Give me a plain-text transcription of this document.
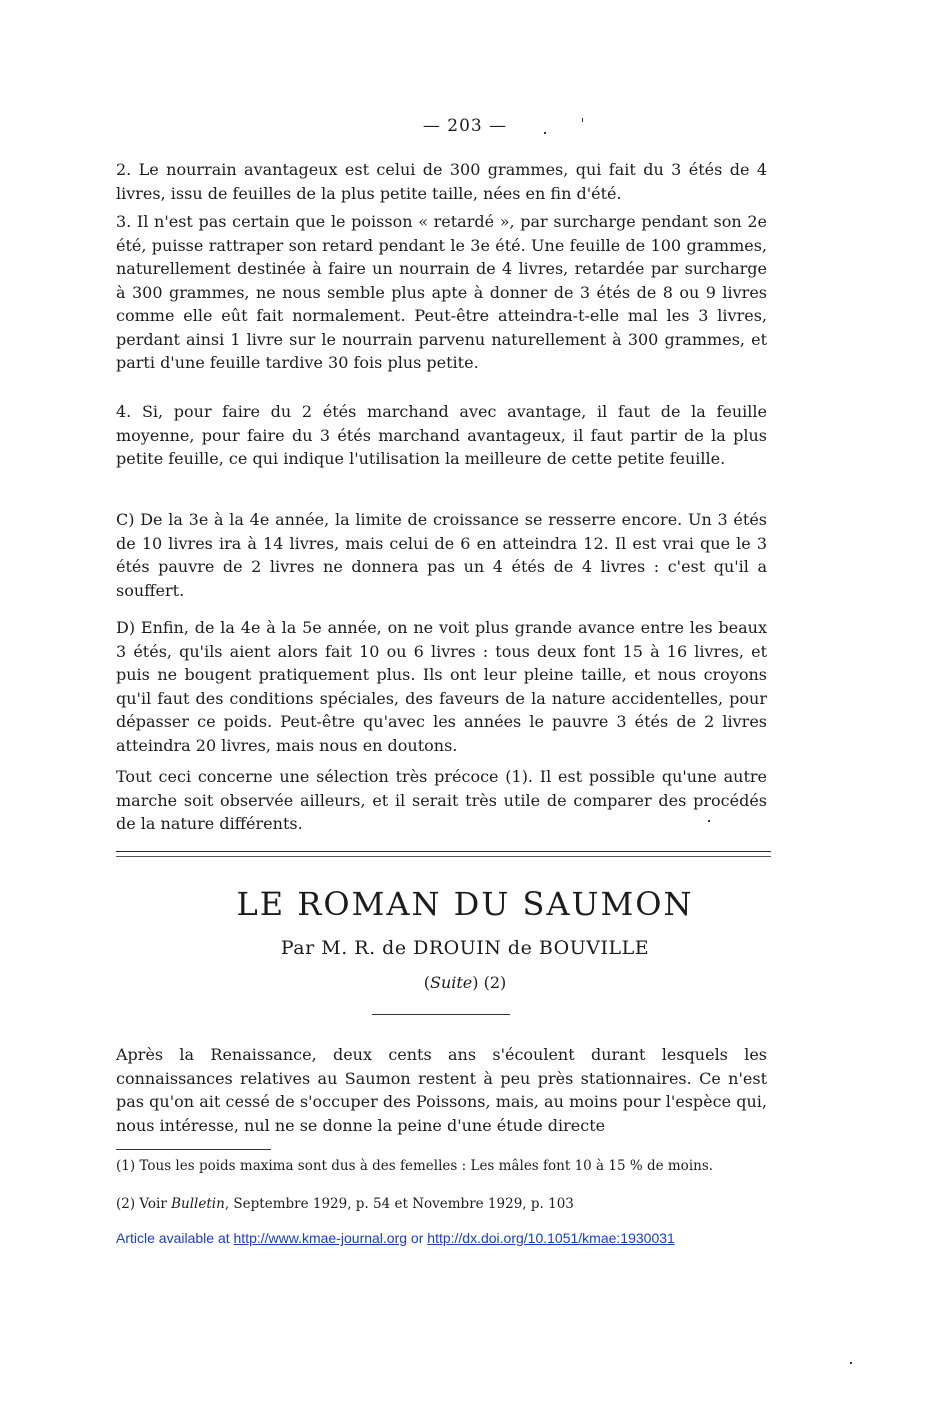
— 203 —

2. Le nourrain avantageux est celui de 300 grammes, qui fait du 3 étés de 4 livres, issu de feuilles de la plus petite taille, nées en fin d'été.

3. Il n'est pas certain que le poisson « retardé », par surcharge pendant son 2e été, puisse rattraper son retard pendant le 3e été. Une feuille de 100 grammes, naturellement destinée à faire un nourrain de 4 livres, retardée par surcharge à 300 grammes, ne nous semble plus apte à donner de 3 étés de 8 ou 9 livres comme elle eût fait normalement. Peut-être atteindra-t-elle mal les 3 livres, perdant ainsi 1 livre sur le nourrain parvenu naturellement à 300 grammes, et parti d'une feuille tardive 30 fois plus petite.

4. Si, pour faire du 2 étés marchand avec avantage, il faut de la feuille moyenne, pour faire du 3 étés marchand avantageux, il faut partir de la plus petite feuille, ce qui indique l'utilisation la meilleure de cette petite feuille.

C) De la 3e à la 4e année, la limite de croissance se resserre encore. Un 3 étés de 10 livres ira à 14 livres, mais celui de 6 en atteindra 12. Il est vrai que le 3 étés pauvre de 2 livres ne donnera pas un 4 étés de 4 livres : c'est qu'il a souffert.

D) Enfin, de la 4e à la 5e année, on ne voit plus grande avance entre les beaux 3 étés, qu'ils aient alors fait 10 ou 6 livres : tous deux font 15 à 16 livres, et puis ne bougent pratiquement plus. Ils ont leur pleine taille, et nous croyons qu'il faut des conditions spéciales, des faveurs de la nature accidentelles, pour dépasser ce poids. Peut-être qu'avec les années le pauvre 3 étés de 2 livres atteindra 20 livres, mais nous en doutons.

Tout ceci concerne une sélection très précoce (1). Il est possible qu'une autre marche soit observée ailleurs, et il serait très utile de comparer des procédés de la nature différents.

LE ROMAN DU SAUMON
Par M. R. de DROUIN de BOUVILLE
(Suite) (2)

Après la Renaissance, deux cents ans s'écoulent durant lesquels les connaissances relatives au Saumon restent à peu près stationnaires. Ce n'est pas qu'on ait cessé de s'occuper des Poissons, mais, au moins pour l'espèce qui, nous intéresse, nul ne se donne la peine d'une étude directe

(1) Tous les poids maxima sont dus à des femelles : Les mâles font 10 à 15 % de moins.

(2) Voir Bulletin, Septembre 1929, p. 54 et Novembre 1929, p. 103

Article available at http://www.kmae-journal.org or http://dx.doi.org/10.1051/kmae:1930031
